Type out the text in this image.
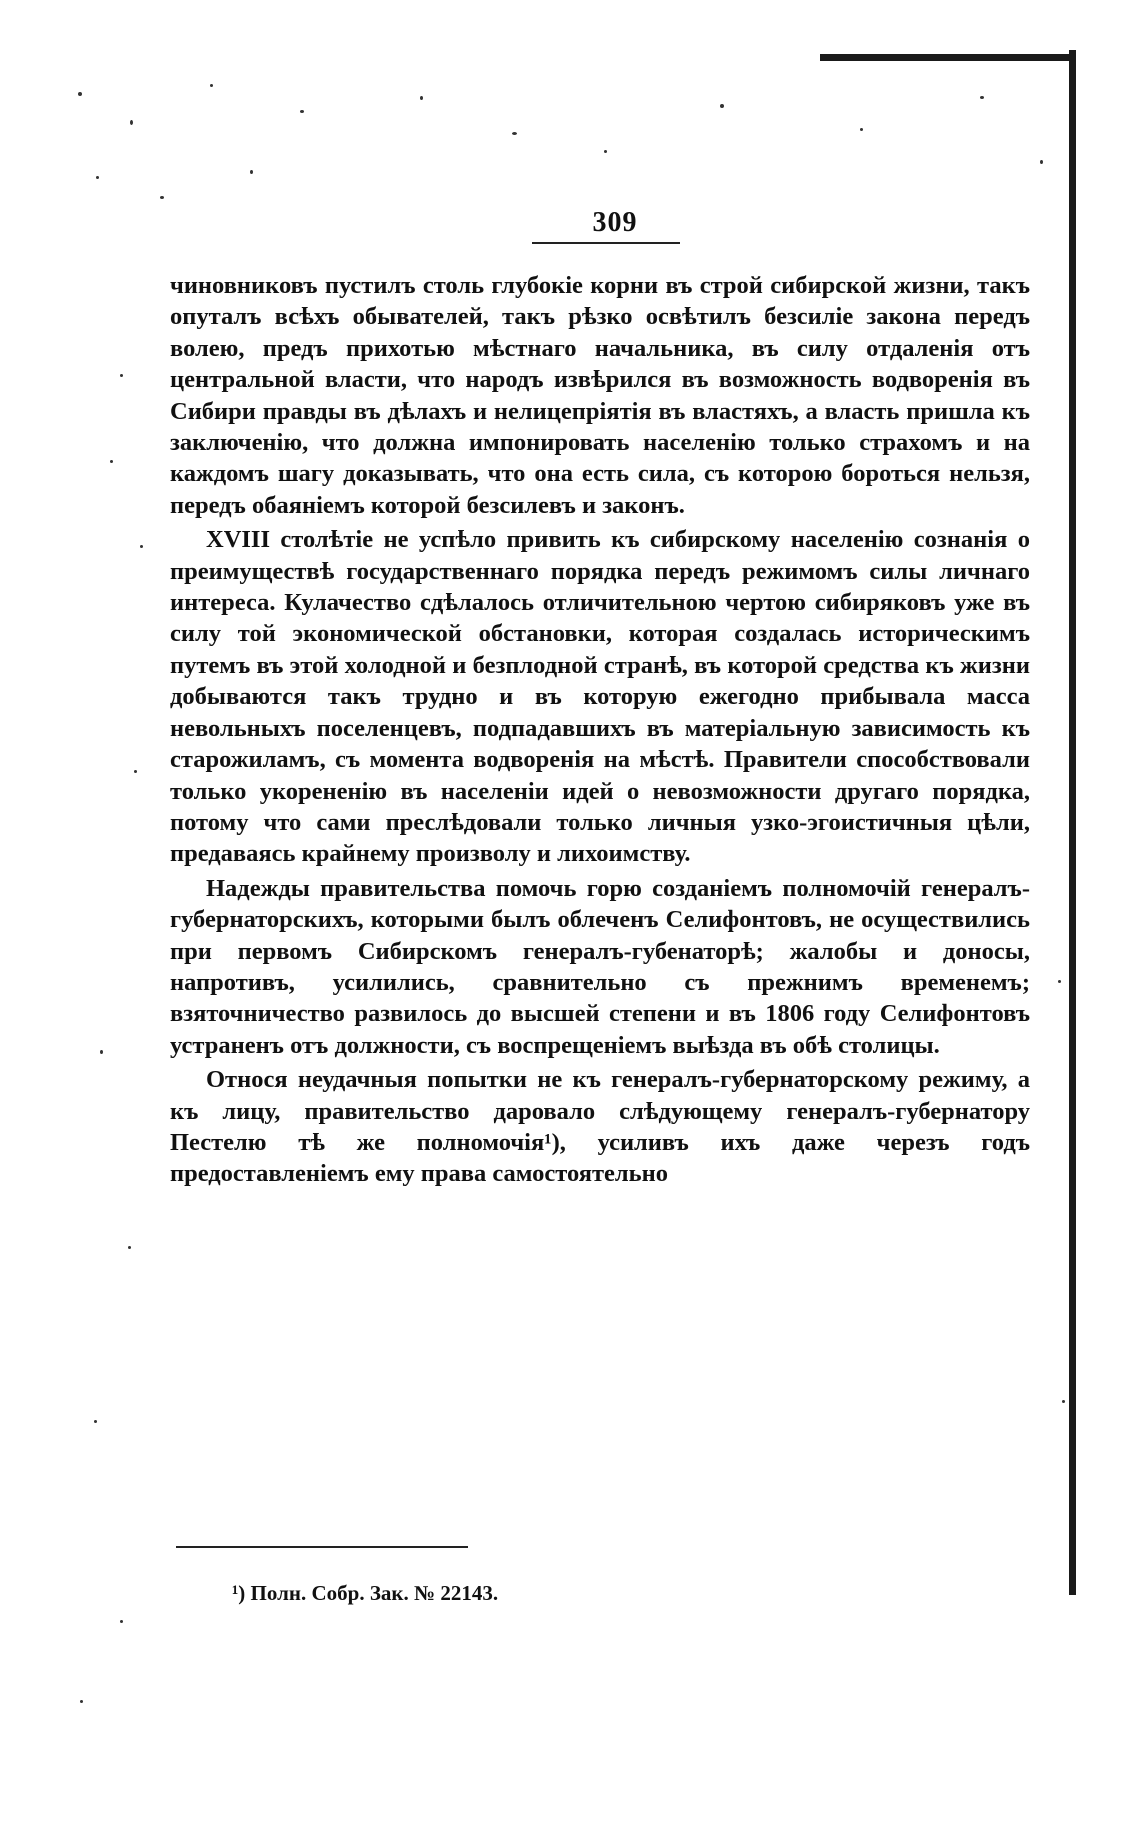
309

чиновниковъ пустилъ столь глубокіе корни въ строй сибирской жизни, такъ опуталъ всѣхъ обывателей, такъ рѣзко освѣтилъ безсиліе закона передъ волею, предъ прихотью мѣстнаго начальника, въ силу отдаленія отъ центральной власти, что народъ извѣрился въ возможность водворенія въ Сибири правды въ дѣлахъ и нелицепріятія въ властяхъ, а власть пришла къ заключенію, что должна импонировать населенію только страхомъ и на каждомъ шагу доказывать, что она есть сила, съ которою бороться нельзя, передъ обаяніемъ которой безсилевъ и законъ.

XVIII столѣтіе не успѣло привить къ сибирскому населенію сознанія о преимуществѣ государственнаго порядка передъ режимомъ силы личнаго интереса. Кулачество сдѣлалось отличительною чертою сибиряковъ уже въ силу той экономической обстановки, которая создалась историческимъ путемъ въ этой холодной и безплодной странѣ, въ которой средства къ жизни добываются такъ трудно и въ которую ежегодно прибывала масса невольныхъ поселенцевъ, подпадавшихъ въ матеріальную зависимость къ старожиламъ, съ момента водворенія на мѣстѣ. Правители способствовали только укорененію въ населеніи идей о невозможности другаго порядка, потому что сами преслѣдовали только личныя узко-эгоистичныя цѣли, предаваясь крайнему произволу и лихоимству.

Надежды правительства помочь горю созданіемъ полномочій генералъ-губернаторскихъ, которыми былъ облеченъ Селифонтовъ, не осуществились при первомъ Сибирскомъ генералъ-губенаторѣ; жалобы и доносы, напротивъ, усилились, сравнительно съ прежнимъ временемъ; взяточничество развилось до высшей степени и въ 1806 году Селифонтовъ устраненъ отъ должности, съ воспрещеніемъ выѣзда въ обѣ столицы.

Относя неудачныя попытки не къ генералъ-губернаторскому режиму, а къ лицу, правительство даровало слѣдующему генералъ-губернатору Пестелю тѣ же полномочія¹), усиливъ ихъ даже черезъ годъ предоставленіемъ ему права самостоятельно

¹) Полн. Собр. Зак. № 22143.
